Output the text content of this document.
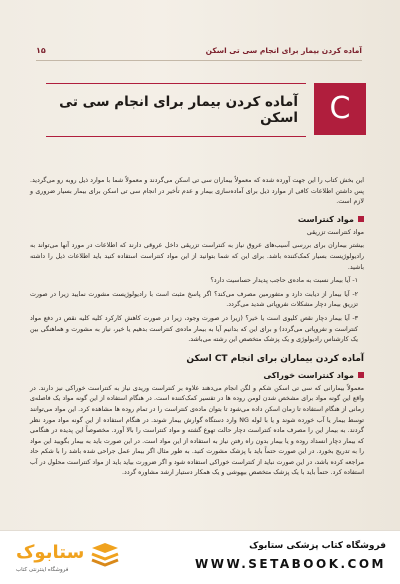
آماده کردن بیمار برای انجام سی تی اسکن
۱۵
آماده کردن بیمار برای انجام سی تی اسکن C

این بخش کتاب را این جهت آورده شده که معمولاً بیماران سی تی اسکن می‌گردند و معمولاً شما با موارد ذیل روبه رو می‌گردید. پس داشتن اطلاعات کافی از موارد ذیل برای آماده‌سازی بیمار و عدم تأخیر در انجام سی تی اسکن برای بیمار بسیار ضروری و لازم است.

مواد کنتراست

مواد کنتراست تزریقی

بیشتر بیماران برای بررسی آسیب‌های عروق نیاز به کنتراست تزریقی داخل عروقی دارند که اطلاعات در مورد آنها می‌تواند به رادیولوژیست بسیار کمک‌کننده باشد. برای این که شما بتوانید از این مواد کنتراست استفاده کنید باید اطلاعات ذیل را داشته باشید.

۱- آیا بیمار نسبت به ماده‌ی حاجب پدیدار حساسیت دارد؟

۲- آیا بیمار از دیابت دارد و متفورمین مصرف می‌کند؟ اگر پاسخ مثبت است با رادیولوژیست مشورت نمایید زیرا در صورت تزریق بیمار دچار مشکلات نفروپاتی شدید می‌گردد.

۳- آیا بیمار دچار نقص کلیوی است یا خیر؟ (زیرا در صورت وجود، زیرا در صورت کاهش کارکرد کلیه کلیه نقص در دفع مواد کنتراست و نفروپاتی می‌گردد) و برای این که بدانیم آیا به بیمار ماده‌ی کنتراست بدهیم یا خیر، نیاز به مشورت و هماهنگی بین یک کارشناس رادیولوژی و یک پزشک متخصص این رشته می‌باشد.

آماده کردن بیماران برای انجام CT اسکن
مواد کنتراست خوراکی

معمولاً بیمارانی که سی تی اسکن شکم و لگن انجام می‌دهند علاوه بر کنتراست وریدی نیاز به کنتراست خوراکی نیز دارند. در واقع این گونه مواد برای مشخص شدن لومن روده ها در تفسیر کمک‌کننده است. در هنگام استفاده از این گونه مواد یک فاصله‌ی زمانی از هنگام استفاده تا زمان اسکن داده می‌شود تا بتوان ماده‌ی کنتراست را در تمام روده ها مشاهده کرد. این مواد می‌توانند توسط بیمار یا آب خورده شوند و یا با لوله NG وارد دستگاه گوارش بیمار شوند. در هنگام استفاده از این گونه مواد مورد نظر گردند. به بیمار این را مصرف ماده کنتراست دچار حالت تهوع گشته و مواد کنتراست را بالا آورد. مخصوصاً این پدیده در هنگامی که بیمار دچار انسداد روده و یا بیمار بدون راه رفتن نیاز به استفاده از این مواد است. در این صورت باید به بیمار بگویید این مواد را به تدریج بخورد. در این صورت حتماً باید با پزشک مشورت کنید. به طور مثال اگر بیمار عمل جراحی شده باشد را با شکم حاد مراجعه کرده باشد، در این صورت نباید از کنتراست خوراکی استفاده شود و اگر ضرورت بیاید باید از مواد کنتراست محلول در آب استفاده کرد. حتماً باید با یک پزشک متخصص بیهوشی و یک همکار دستیار ارشد مشاوره گردد.

ستابوک
فروشگاه اینترنتی کتاب
فروشگاه کتاب پزشکی ستابوک
WWW.SETABOOK.COM
